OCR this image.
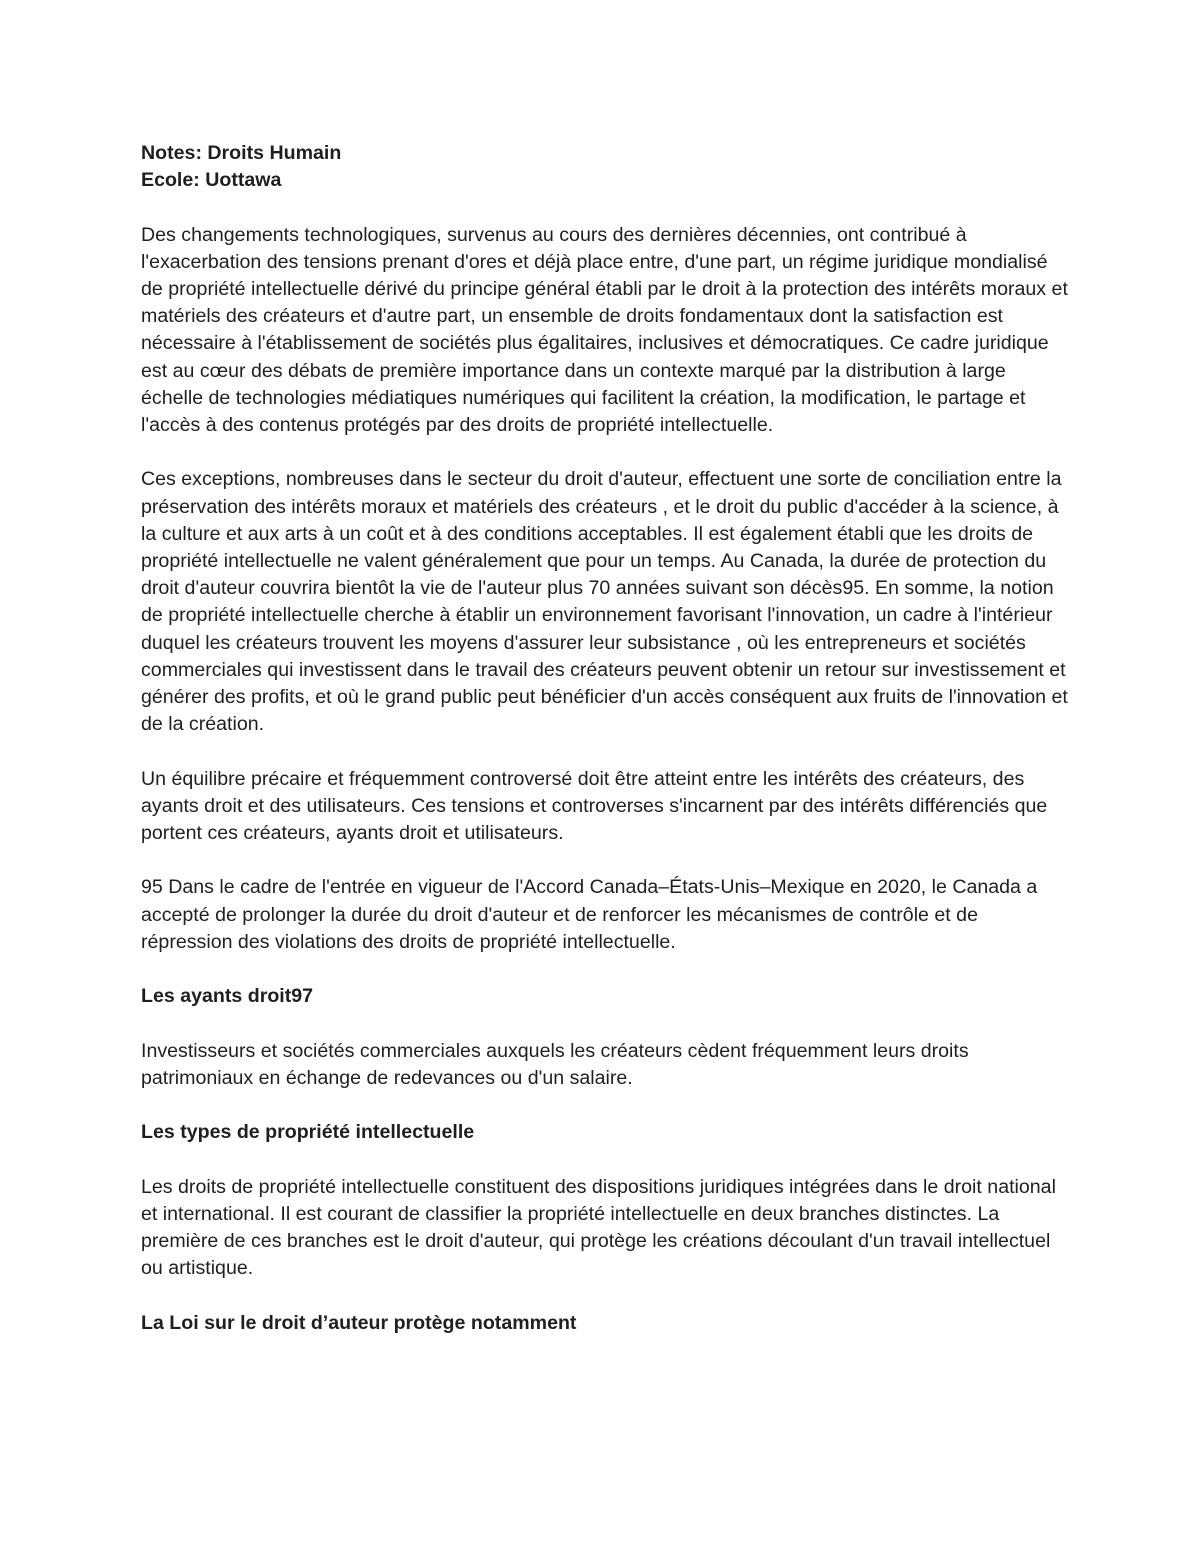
Notes: Droits Humain

Ecole: Uottawa

Des changements technologiques, survenus au cours des dernières décennies, ont contribué à l'exacerbation des tensions prenant d'ores et déjà place entre, d'une part, un régime juridique mondialisé de propriété intellectuelle dérivé du principe général établi par le droit à la protection des intérêts moraux et matériels des créateurs et d'autre part, un ensemble de droits fondamentaux dont la satisfaction est nécessaire à l'établissement de sociétés plus égalitaires, inclusives et démocratiques. Ce cadre juridique est au cœur des débats de première importance dans un contexte marqué par la distribution à large échelle de technologies médiatiques numériques qui facilitent la création, la modification, le partage et l'accès à des contenus protégés par des droits de propriété intellectuelle.

Ces exceptions, nombreuses dans le secteur du droit d'auteur, effectuent une sorte de conciliation entre la préservation des intérêts moraux et matériels des créateurs , et le droit du public d'accéder à la science, à la culture et aux arts à un coût et à des conditions acceptables. Il est également établi que les droits de propriété intellectuelle ne valent généralement que pour un temps. Au Canada, la durée de protection du droit d'auteur couvrira bientôt la vie de l'auteur plus 70 années suivant son décès95. En somme, la notion de propriété intellectuelle cherche à établir un environnement favorisant l'innovation, un cadre à l'intérieur duquel les créateurs trouvent les moyens d'assurer leur subsistance , où les entrepreneurs et sociétés commerciales qui investissent dans le travail des créateurs peuvent obtenir un retour sur investissement et générer des profits, et où le grand public peut bénéficier d'un accès conséquent aux fruits de l'innovation et de la création.

Un équilibre précaire et fréquemment controversé doit être atteint entre les intérêts des créateurs, des ayants droit et des utilisateurs. Ces tensions et controverses s'incarnent par des intérêts différenciés que portent ces créateurs, ayants droit et utilisateurs.

95 Dans le cadre de l'entrée en vigueur de l'Accord Canada–États-Unis–Mexique en 2020, le Canada a accepté de prolonger la durée du droit d'auteur et de renforcer les mécanismes de contrôle et de répression des violations des droits de propriété intellectuelle.

Les ayants droit97

Investisseurs et sociétés commerciales auxquels les créateurs cèdent fréquemment leurs droits patrimoniaux en échange de redevances ou d'un salaire.

Les types de propriété intellectuelle

Les droits de propriété intellectuelle constituent des dispositions juridiques intégrées dans le droit national et international. Il est courant de classifier la propriété intellectuelle en deux branches distinctes. La première de ces branches est le droit d'auteur, qui protège les créations découlant d'un travail intellectuel ou artistique.

La Loi sur le droit d’auteur protège notamment
